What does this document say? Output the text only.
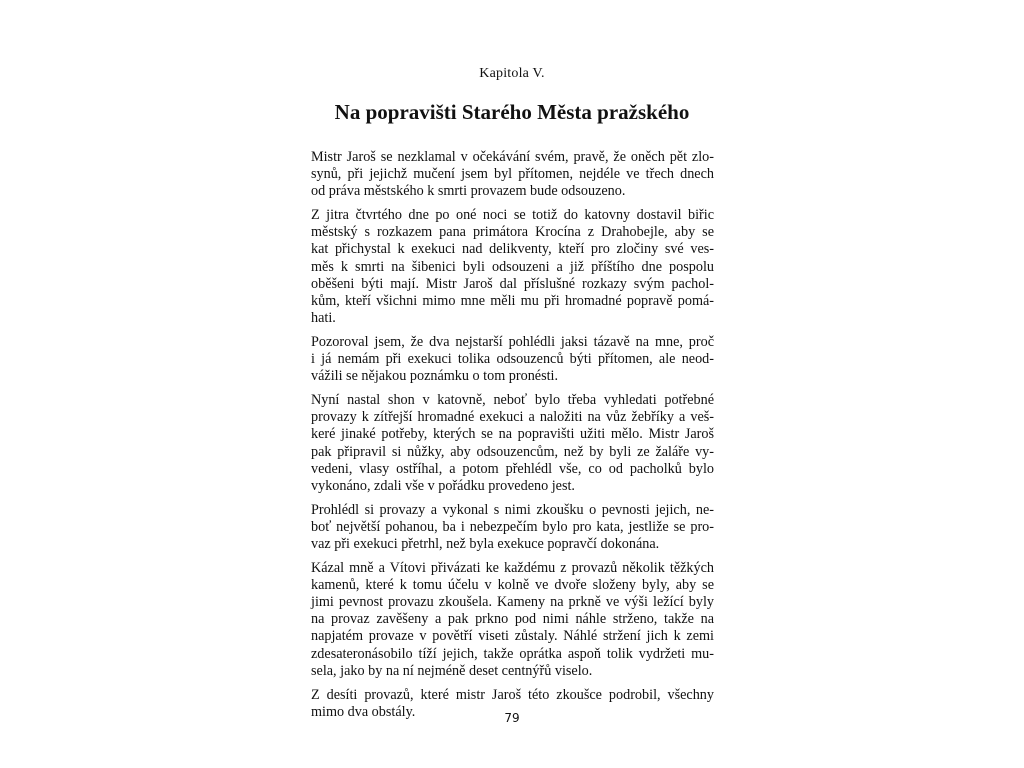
Kapitola V.
Na popravišti Starého Města pražského

Mistr Jaroš se nezklamal v očekávání svém, pravě, že oněch pět zlo-
synů, při jejichž mučení jsem byl přítomen, nejdéle ve třech dnech
od práva městského k smrti provazem bude odsouzeno.

Z jitra čtvrtého dne po oné noci se totiž do katovny dostavil biřic
městský s rozkazem pana primátora Krocína z Drahobejle, aby se
kat přichystal k exekuci nad delikventy, kteří pro zločiny své ves-
měs k smrti na šibenici byli odsouzeni a již příštího dne pospolu
oběšeni býti mají. Mistr Jaroš dal příslušné rozkazy svým pachol-
kům, kteří všichni mimo mne měli mu při hromadné popravě pomá-
hati.

Pozoroval jsem, že dva nejstarší pohlédli jaksi tázavě na mne, proč
i já nemám při exekuci tolika odsouzenců býti přítomen, ale neod-
vážili se nějakou poznámku o tom pronésti.

Nyní nastal shon v katovně, neboť bylo třeba vyhledati potřebné
provazy k zítřejší hromadné exekuci a naložiti na vůz žebříky a veš-
keré jinaké potřeby, kterých se na popravišti užiti mělo. Mistr Jaroš
pak připravil si nůžky, aby odsouzencům, než by byli ze žaláře vy-
vedeni, vlasy ostříhal, a potom přehlédl vše, co od pacholků bylo
vykonáno, zdali vše v pořádku provedeno jest.

Prohlédl si provazy a vykonal s nimi zkoušku o pevnosti jejich, ne-
boť největší pohanou, ba i nebezpečím bylo pro kata, jestliže se pro-
vaz při exekuci přetrhl, než byla exekuce popravčí dokonána.

Kázal mně a Vítovi přivázati ke každému z provazů několik těžkých
kamenů, které k tomu účelu v kolně ve dvoře složeny byly, aby se
jimi pevnost provazu zkoušela. Kameny na prkně ve výši ležící byly
na provaz zavěšeny a pak prkno pod nimi náhle strženo, takže na
napjatém provaze v povětří viseti zůstaly. Náhlé stržení jich k zemi
zdesateronásobilo tíží jejich, takže oprátka aspoň tolik vydržeti mu-
sela, jako by na ní nejméně deset centnýřů viselo.

Z desíti provazů, které mistr Jaroš této zkoušce podrobil, všechny
mimo dva obstály.	79
